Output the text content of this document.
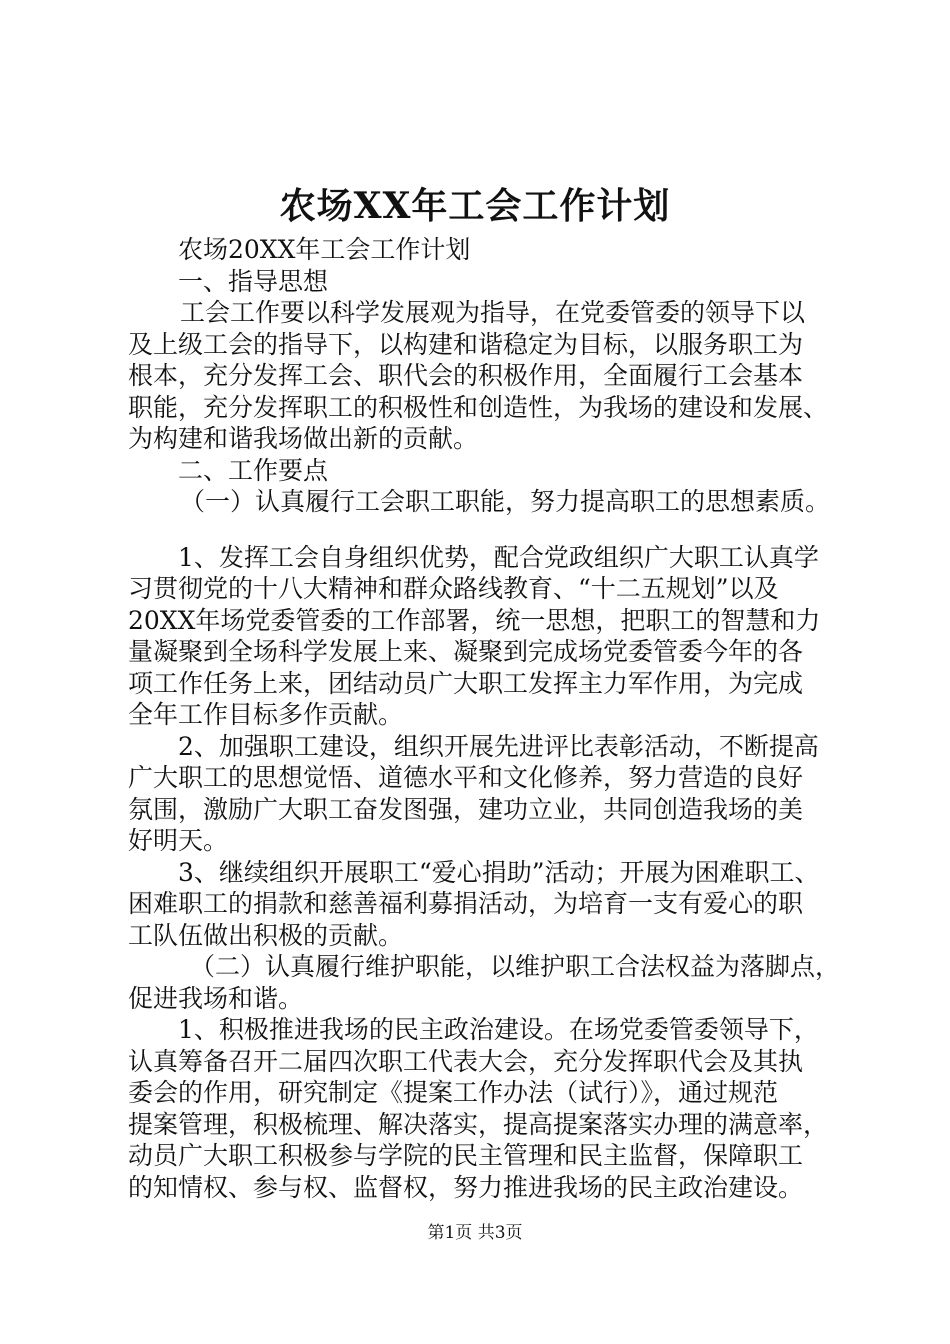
农场XX年工会工作计划
农场20XX年工会工作计划
一、指导思想
工会工作要以科学发展观为指导，在党委管委的领导下以
及上级工会的指导下，以构建和谐稳定为目标，以服务职工为
根本，充分发挥工会、职代会的积极作用，全面履行工会基本
职能，充分发挥职工的积极性和创造性，为我场的建设和发展、
为构建和谐我场做出新的贡献。
二、工作要点
（一）认真履行工会职工职能，努力提高职工的思想素质。
1、发挥工会自身组织优势，配合党政组织广大职工认真学
习贯彻党的十八大精神和群众路线教育、“十二五规划”以及
20XX年场党委管委的工作部署，统一思想，把职工的智慧和力
量凝聚到全场科学发展上来、凝聚到完成场党委管委今年的各
项工作任务上来，团结动员广大职工发挥主力军作用，为完成
全年工作目标多作贡献。
2、加强职工建设，组织开展先进评比表彰活动，不断提高
广大职工的思想觉悟、道德水平和文化修养，努力营造的良好
氛围，激励广大职工奋发图强，建功立业，共同创造我场的美
好明天。
3、继续组织开展职工“爱心捐助”活动；开展为困难职工、
困难职工的捐款和慈善福利募捐活动，为培育一支有爱心的职
工队伍做出积极的贡献。
（二）认真履行维护职能，以维护职工合法权益为落脚点，
促进我场和谐。
1、积极推进我场的民主政治建设。在场党委管委领导下，
认真筹备召开二届四次职工代表大会，充分发挥职代会及其执
委会的作用，研究制定《提案工作办法（试行）》，通过规范
提案管理，积极梳理、解决落实，提高提案落实办理的满意率，
动员广大职工积极参与学院的民主管理和民主监督，保障职工
的知情权、参与权、监督权，努力推进我场的民主政治建设。
第1页 共3页
